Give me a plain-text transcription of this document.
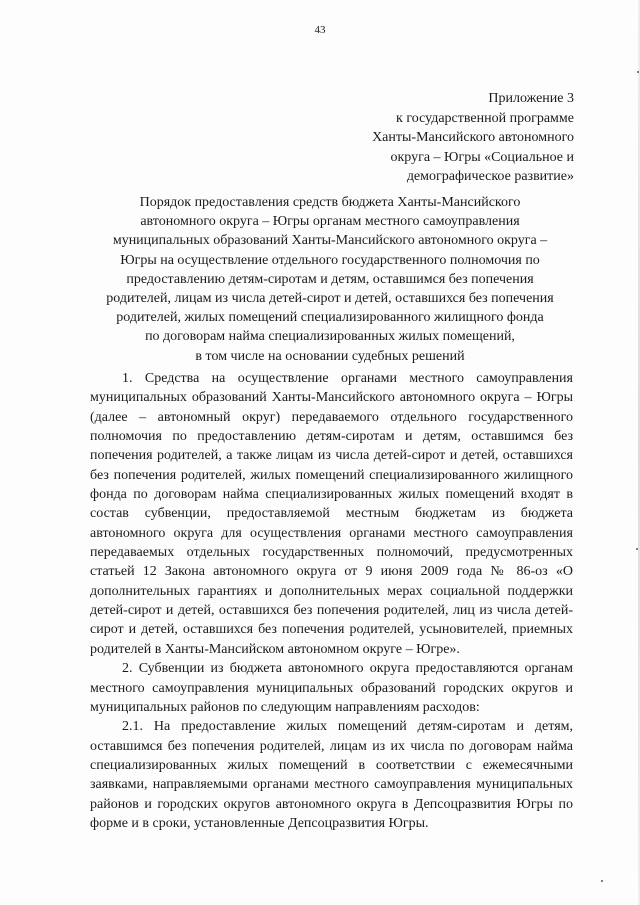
43
Приложение 3
к государственной программе
Ханты-Мансийского автономного
округа – Югры «Социальное и
демографическое развитие»
Порядок предоставления средств бюджета Ханты-Мансийского
автономного округа – Югры органам местного самоуправления
муниципальных образований Ханты-Мансийского автономного округа –
Югры на осуществление отдельного государственного полномочия по
предоставлению детям-сиротам и детям, оставшимся без попечения
родителей, лицам из числа детей-сирот и детей, оставшихся без попечения
родителей, жилых помещений специализированного жилищного фонда
по договорам найма специализированных жилых помещений,
в том числе на основании судебных решений

1. Средства на осуществление органами местного самоуправления муниципальных образований Ханты-Мансийского автономного округа – Югры (далее – автономный округ) передаваемого отдельного государственного полномочия по предоставлению детям-сиротам и детям, оставшимся без попечения родителей, а также лицам из числа детей-сирот и детей, оставшихся без попечения родителей, жилых помещений специализированного жилищного фонда по договорам найма специализированных жилых помещений входят в состав субвенции, предоставляемой местным бюджетам из бюджета автономного округа для осуществления органами местного самоуправления передаваемых отдельных государственных полномочий, предусмотренных статьей 12 Закона автономного округа от 9 июня 2009 года № 86-оз «О дополнительных гарантиях и дополнительных мерах социальной поддержки детей-сирот и детей, оставшихся без попечения родителей, лиц из числа детей-сирот и детей, оставшихся без попечения родителей, усыновителей, приемных родителей в Ханты-Мансийском автономном округе – Югре».

2. Субвенции из бюджета автономного округа предоставляются органам местного самоуправления муниципальных образований городских округов и муниципальных районов по следующим направлениям расходов:

2.1. На предоставление жилых помещений детям-сиротам и детям, оставшимся без попечения родителей, лицам из их числа по договорам найма специализированных жилых помещений в соответствии с ежемесячными заявками, направляемыми органами местного самоуправления муниципальных районов и городских округов автономного округа в Депсоцразвития Югры по форме и в сроки, установленные Депсоцразвития Югры.
